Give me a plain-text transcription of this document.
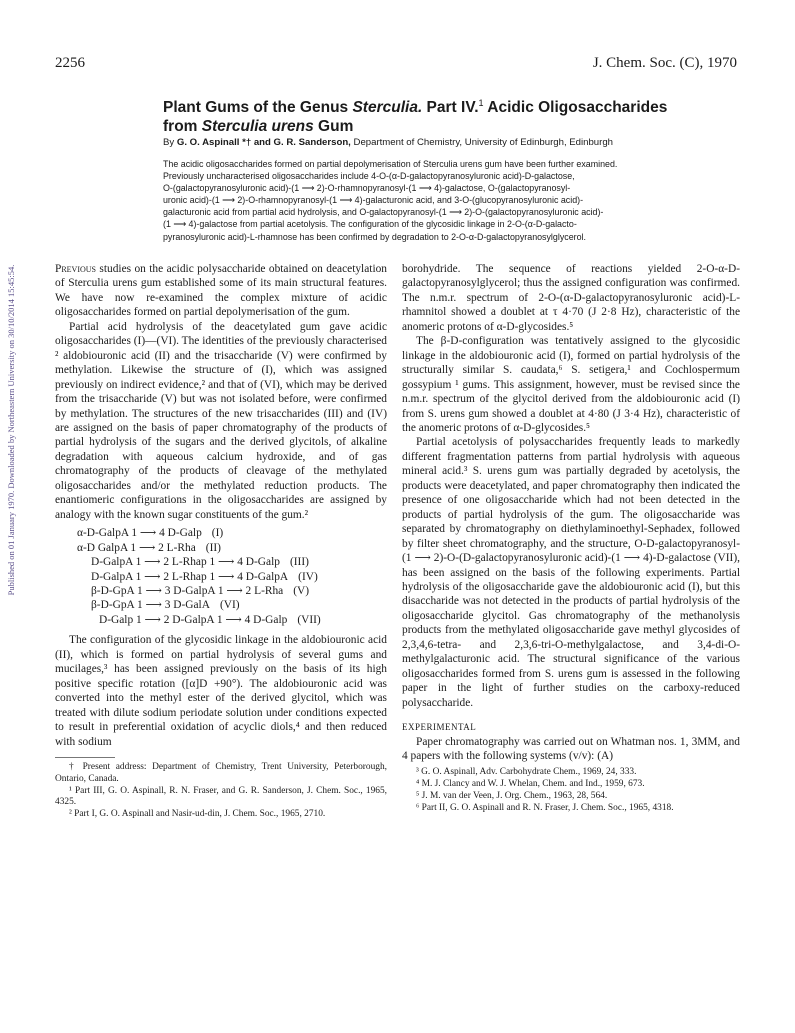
Published on 01 January 1970. Downloaded by Northeastern University on 30/10/2014 15:45:54.
2256	J. Chem. Soc. (C), 1970
Plant Gums of the Genus Sterculia. Part IV.$^1$ Acidic Oligosaccharides
from Sterculia urens Gum
By G. O. Aspinall *† and G. R. Sanderson, Department of Chemistry, University of Edinburgh, Edinburgh
The acidic oligosaccharides formed on partial depolymerisation of Sterculia urens gum have been further examined.
Previously uncharacterised oligosaccharides include 4-O-(α-D-galactopyranosyluronic acid)-D-galactose,
O-(galactopyranosyluronic acid)-(1 ⟶ 2)-O-rhamnopyranosyl-(1 ⟶ 4)-galactose, O-(galactopyranosyl-
uronic acid)-(1 ⟶ 2)-O-rhamnopyranosyl-(1 ⟶ 4)-galacturonic acid, and 3-O-(glucopyranosyluronic acid)-
galacturonic acid from partial acid hydrolysis, and O-galactopyranosyl-(1 ⟶ 2)-O-(galactopyranosyluronic acid)-
(1 ⟶ 4)-galactose from partial acetolysis. The configuration of the glycosidic linkage in 2-O-(α-D-galacto-
pyranosyluronic acid)-L-rhamnose has been confirmed by degradation to 2-O-α-D-galactopyranosylglycerol.

Previous studies on the acidic polysaccharide obtained on deacetylation of Sterculia urens gum established some of its main structural features. We have now re-examined the complex mixture of acidic oligosaccharides formed on partial depolymerisation of the gum.

Partial acid hydrolysis of the deacetylated gum gave acidic oligosaccharides (I)—(VI). The identities of the previously characterised ² aldobiouronic acid (II) and the trisaccharide (V) were confirmed by methylation. Likewise the structure of (I), which was assigned previously on indirect evidence,² and that of (VI), which may be derived from the trisaccharide (V) but was not isolated before, were confirmed by methylation. The structures of the new trisaccharides (III) and (IV) are assigned on the basis of paper chromatography of the products of partial hydrolysis of the sugars and the derived glycitols, of alkaline degradation with aqueous calcium hydroxide, and of gas chromatography of the products of cleavage of the methylated oligosaccharides and/or the methylated reduction products. The enantiomeric configurations in the oligosaccharides are assigned by analogy with the known sugar constituents of the gum.²

α-D-GalpA 1 ⟶ 4 D-Galp (I)
α-D GalpA 1 ⟶ 2 L-Rha (II)
D-GalpA 1 ⟶ 2 L-Rhap 1 ⟶ 4 D-Galp (III)
D-GalpA 1 ⟶ 2 L-Rhap 1 ⟶ 4 D-GalpA (IV)
β-D-GpA 1 ⟶ 3 D-GalpA 1 ⟶ 2 L-Rha (V)
β-D-GpA 1 ⟶ 3 D-GalA (VI)
D-Galp 1 ⟶ 2 D-GalpA 1 ⟶ 4 D-Galp (VII)

The configuration of the glycosidic linkage in the aldobiouronic acid (II), which is formed on partial hydrolysis of several gums and mucilages,³ has been assigned previously on the basis of its high positive specific rotation ([α]D +90°). The aldobiouronic acid was converted into the methyl ester of the derived glycitol, which was treated with dilute sodium periodate solution under conditions expected to result in preferential oxidation of acyclic diols,⁴ and then reduced with sodium

† Present address: Department of Chemistry, Trent University, Peterborough, Ontario, Canada.

¹ Part III, G. O. Aspinall, R. N. Fraser, and G. R. Sanderson, J. Chem. Soc., 1965, 4325.

² Part I, G. O. Aspinall and Nasir-ud-din, J. Chem. Soc., 1965, 2710.

borohydride. The sequence of reactions yielded 2-O-α-D-galactopyranosylglycerol; thus the assigned configuration was confirmed. The n.m.r. spectrum of 2-O-(α-D-galactopyranosyluronic acid)-L-rhamnitol showed a doublet at τ 4·70 (J 2·8 Hz), characteristic of the anomeric protons of α-D-glycosides.⁵

The β-D-configuration was tentatively assigned to the glycosidic linkage in the aldobiouronic acid (I), formed on partial hydrolysis of the structurally similar S. caudata,⁶ S. setigera,¹ and Cochlospermum gossypium ¹ gums. This assignment, however, must be revised since the n.m.r. spectrum of the glycitol derived from the aldobiouronic acid (I) from S. urens gum showed a doublet at 4·80 (J 3·4 Hz), characteristic of the anomeric protons of α-D-glycosides.⁵

Partial acetolysis of polysaccharides frequently leads to markedly different fragmentation patterns from partial hydrolysis with aqueous mineral acid.³ S. urens gum was partially degraded by acetolysis, the products were deacetylated, and paper chromatography then indicated the presence of one oligosaccharide which had not been detected in the products of partial hydrolysis of the gum. The oligosaccharide was separated by chromatography on diethylaminoethyl-Sephadex, followed by filter sheet chromatography, and the structure, O-D-galactopyranosyl-(1 ⟶ 2)-O-(D-galactopyranosyluronic acid)-(1 ⟶ 4)-D-galactose (VII), has been assigned on the basis of the following experiments. Partial hydrolysis of the oligosaccharide gave the aldobiouronic acid (I), but this disaccharide was not detected in the products of partial hydrolysis of the oligosaccharide glycitol. Gas chromatography of the methanolysis products from the methylated oligosaccharide gave methyl glycosides of 2,3,4,6-tetra- and 2,3,6-tri-O-methylgalactose, and 3,4-di-O-methylgalacturonic acid. The structural significance of the various oligosaccharides formed from S. urens gum is assessed in the following paper in the light of further studies on the carboxy-reduced polysaccharide.

EXPERIMENTAL

Paper chromatography was carried out on Whatman nos. 1, 3MM, and 4 papers with the following systems (v/v): (A)

³ G. O. Aspinall, Adv. Carbohydrate Chem., 1969, 24, 333.

⁴ M. J. Clancy and W. J. Whelan, Chem. and Ind., 1959, 673.

⁵ J. M. van der Veen, J. Org. Chem., 1963, 28, 564.

⁶ Part II, G. O. Aspinall and R. N. Fraser, J. Chem. Soc., 1965, 4318.
